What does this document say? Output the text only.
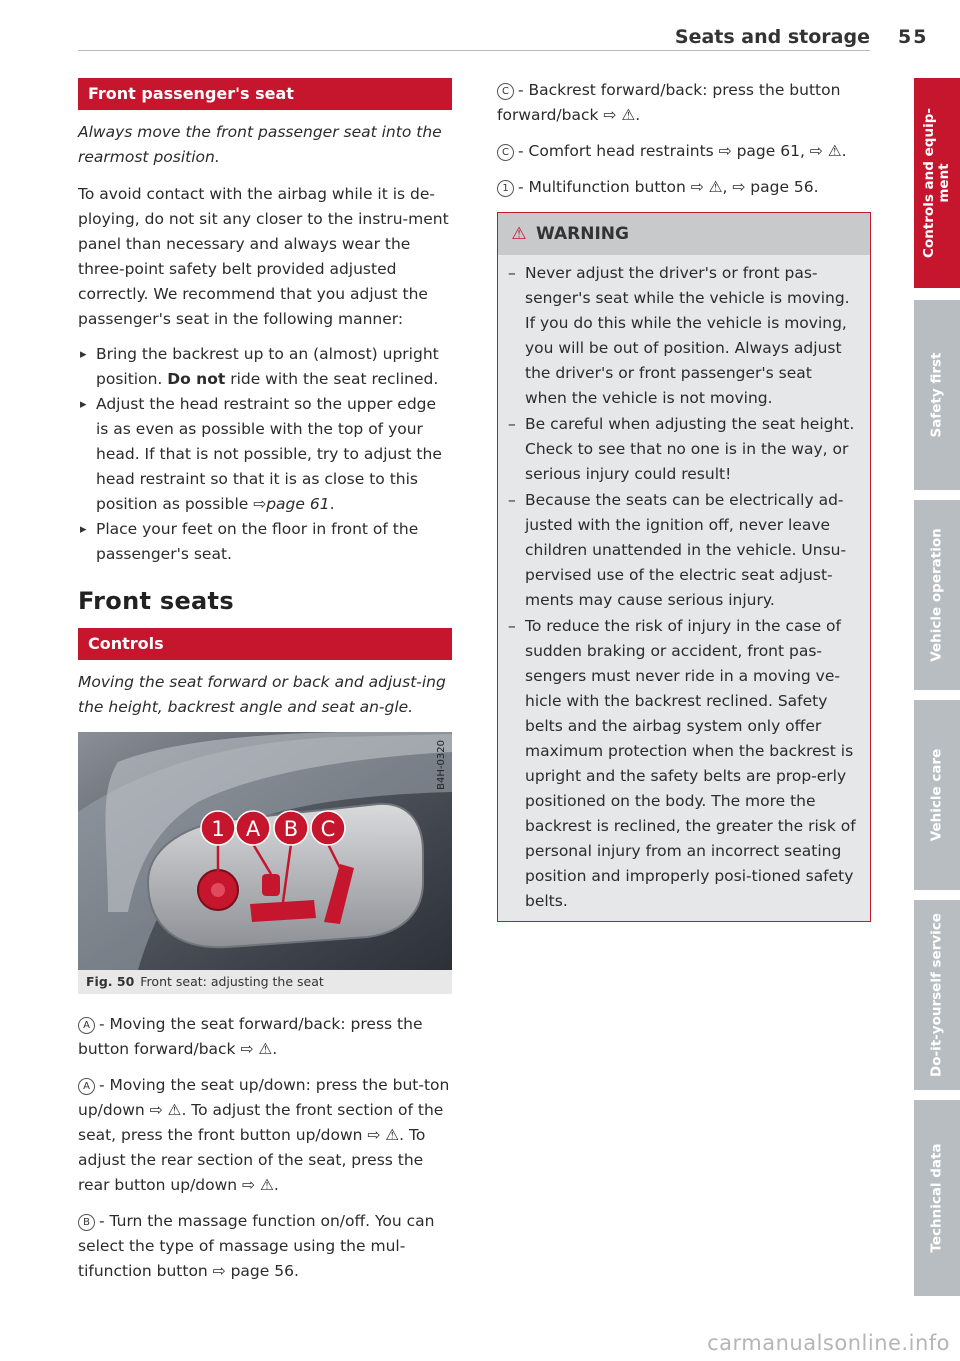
Seats and storage 55
Front passenger's seat
Always move the front passenger seat into the rearmost position.

To avoid contact with the airbag while it is de-ploying, do not sit any closer to the instru-ment panel than necessary and always wear the three-point safety belt provided adjusted correctly. We recommend that you adjust the passenger's seat in the following manner:

▸ Bring the backrest up to an (almost) upright position. Do not ride with the seat reclined.
▸ Adjust the head restraint so the upper edge is as even as possible with the top of your head. If that is not possible, try to adjust the head restraint so that it is as close to this position as possible ⇨page 61.
▸ Place your feet on the floor in front of the passenger's seat.
Front seats
Controls
Moving the seat forward or back and adjust-ing the height, backrest angle and seat an-gle.
1 A B C
B4H-0320
Fig. 50 Front seat: adjusting the seat
A - Moving the seat forward/back: press the button forward/back ⇨ ⚠.
A - Moving the seat up/down: press the but-ton up/down ⇨ ⚠. To adjust the front section of the seat, press the front button up/down ⇨ ⚠. To adjust the rear section of the seat, press the rear button up/down ⇨ ⚠.
B - Turn the massage function on/off. You can select the type of massage using the mul-tifunction button ⇨ page 56.
C - Backrest forward/back: press the button forward/back ⇨ ⚠.
C - Comfort head restraints ⇨ page 61, ⇨ ⚠.
1 - Multifunction button ⇨ ⚠, ⇨ page 56.
⚠ WARNING
– Never adjust the driver's or front pas-senger's seat while the vehicle is moving. If you do this while the vehicle is moving, you will be out of position. Always adjust the driver's or front passenger's seat when the vehicle is not moving.
– Be careful when adjusting the seat height. Check to see that no one is in the way, or serious injury could result!
– Because the seats can be electrically ad-justed with the ignition off, never leave children unattended in the vehicle. Unsu-pervised use of the electric seat adjust-ments may cause serious injury.
– To reduce the risk of injury in the case of sudden braking or accident, front pas-sengers must never ride in a moving ve-hicle with the backrest reclined. Safety belts and the airbag system only offer maximum protection when the backrest is upright and the safety belts are prop-erly positioned on the body. The more the backrest is reclined, the greater the risk of personal injury from an incorrect seating position and improperly posi-tioned safety belts.
Controls and equip-ment
Safety first
Vehicle operation
Vehicle care
Do-it-yourself service
Technical data
carmanualsonline.info
